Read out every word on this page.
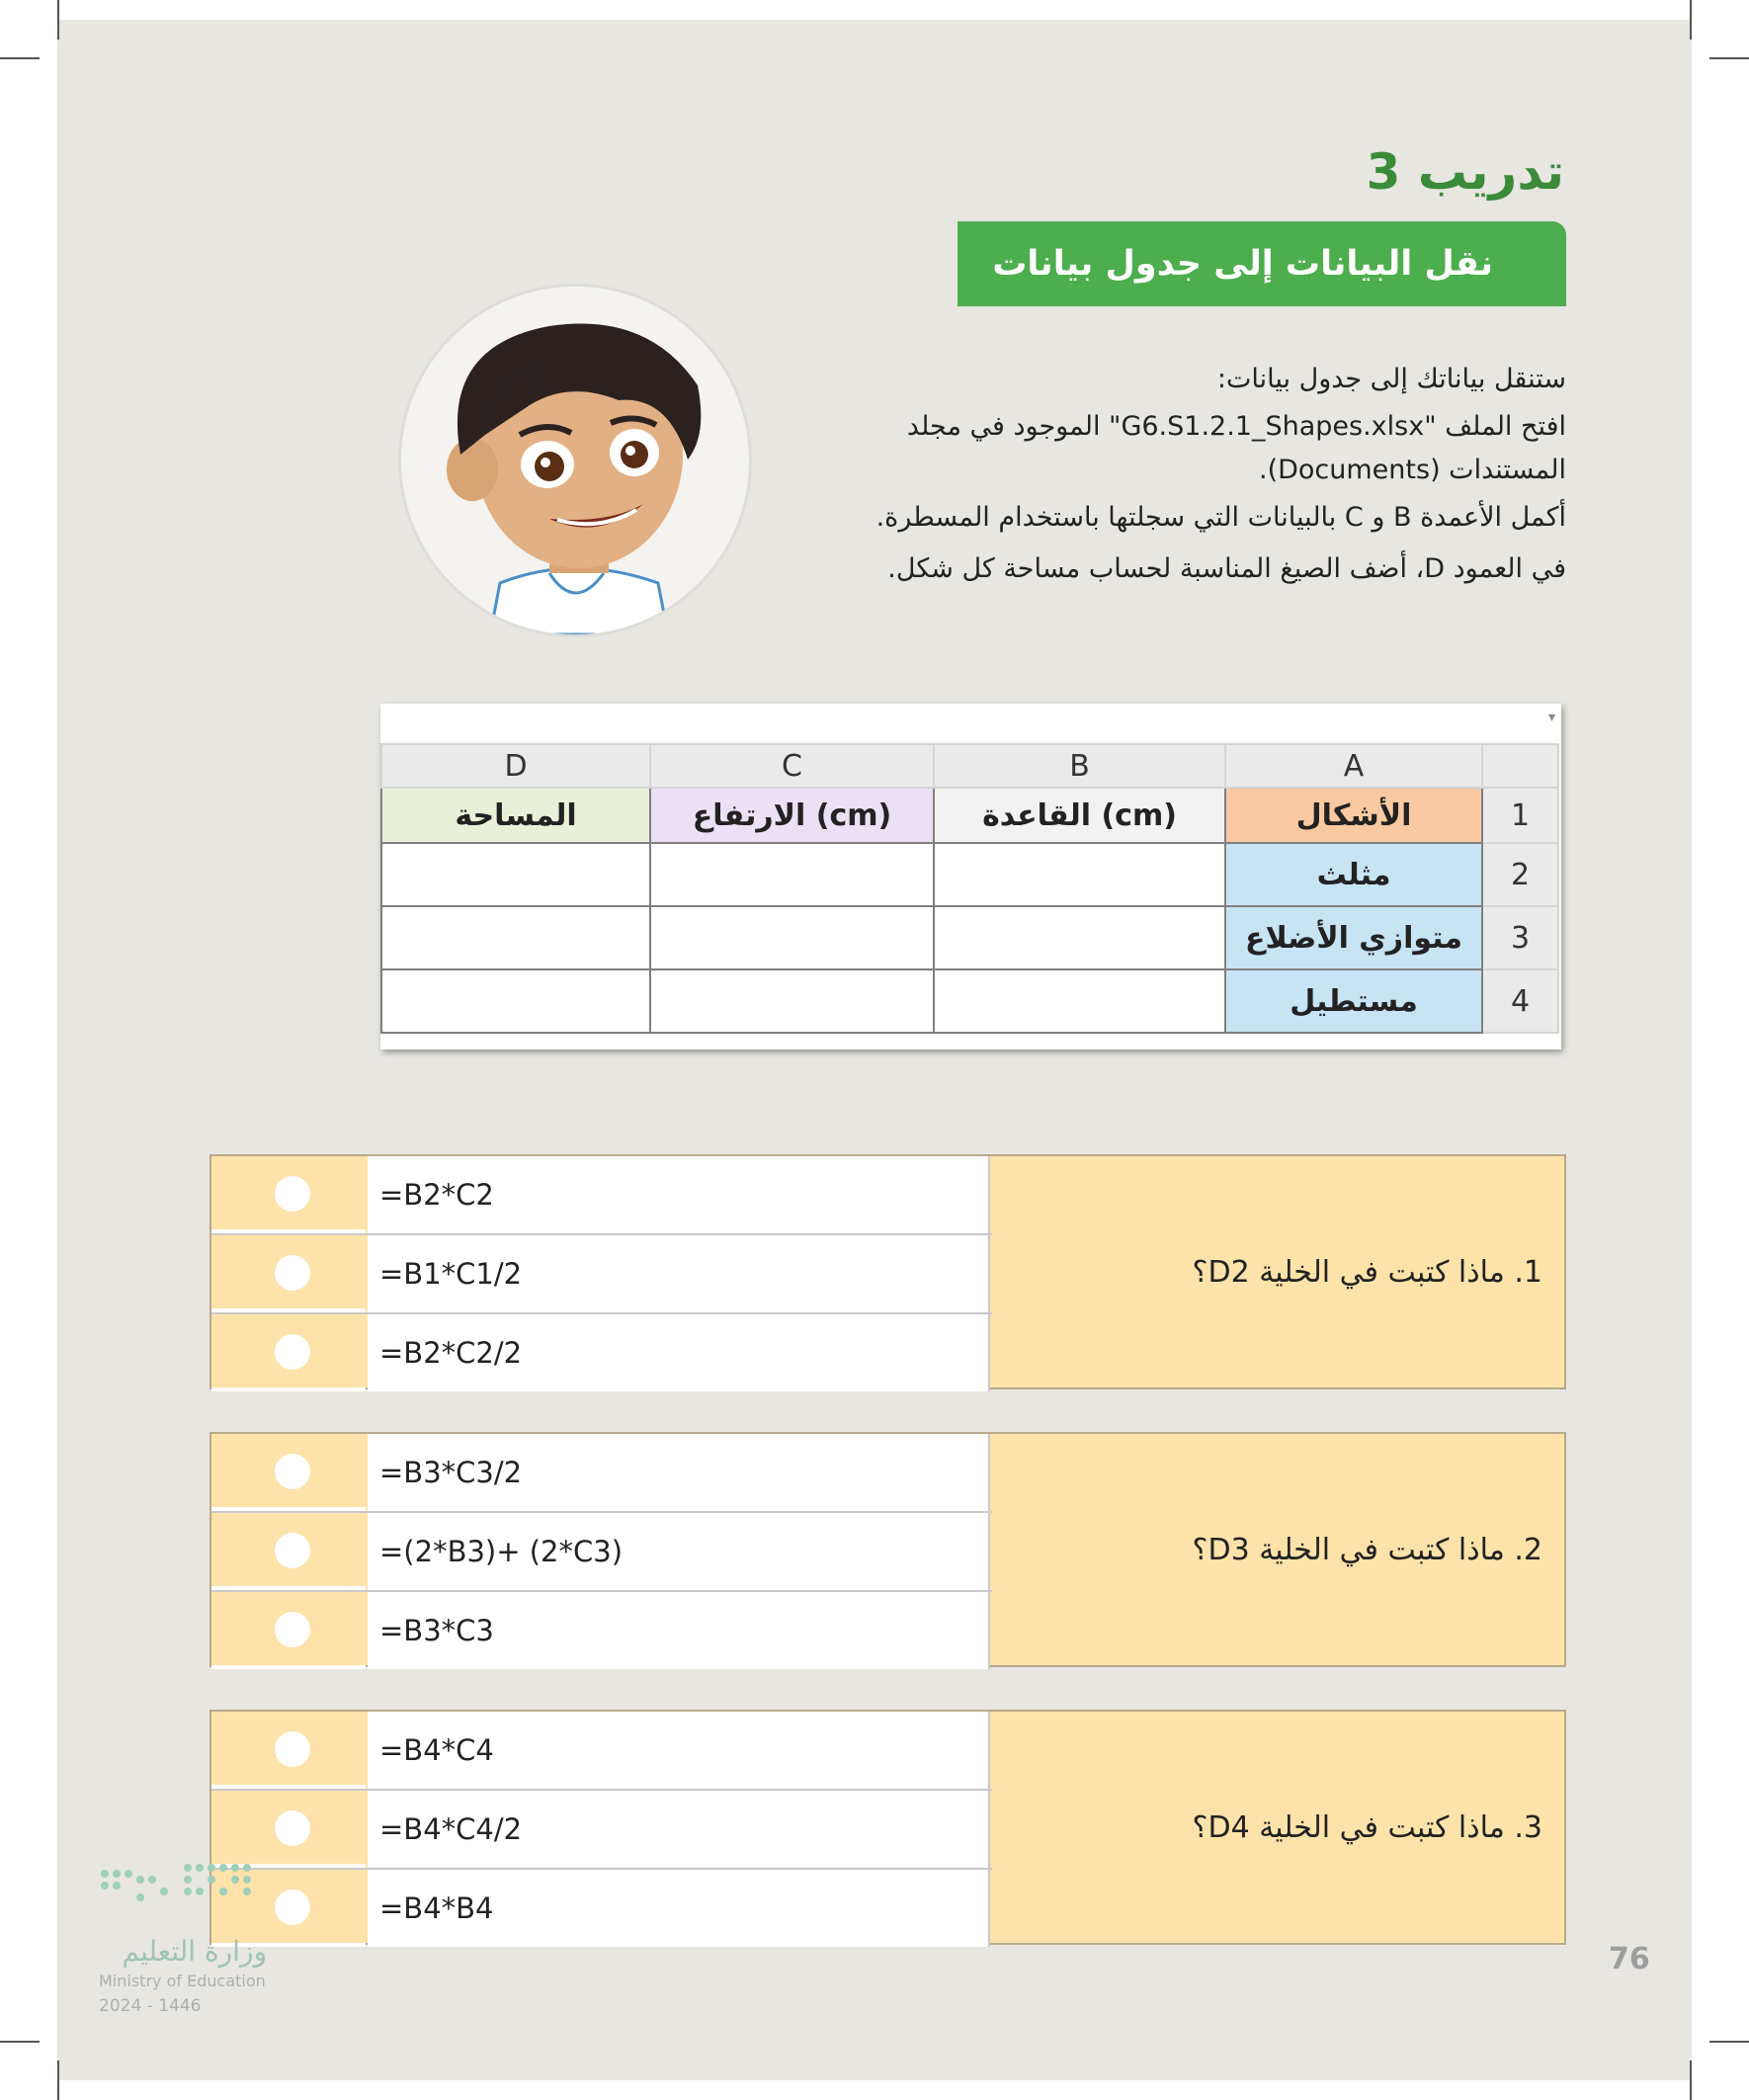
تدريب 3
نقل البيانات إلى جدول بيانات

ستنقل بياناتك إلى جدول بيانات:

افتح الملف "G6.S1.2.1_Shapes.xlsx" الموجود في مجلد

المستندات (Documents).

أكمل الأعمدة B و C بالبيانات التي سجلتها باستخدام المسطرة.

في العمود D، أضف الصيغ المناسبة لحساب مساحة كل شكل.

▾
D	C	B	A	
المساحة	الارتفاع (cm)	القاعدة (cm)	الأشكال	1
			مثلث	2
			متوازي الأضلاع	3
			مستطيل	4
=B2*C2
=B1*C1/2
=B2*C2/2
1. ماذا كتبت في الخلية D2؟
=B3*C3/2
=(2*B3)+ (2*C3)
=B3*C3
2. ماذا كتبت في الخلية D3؟
=B4*C4
=B4*C4/2
=B4*B4
3. ماذا كتبت في الخلية D4؟
وزارة التعليم
Ministry of Education
2024 - 1446
76
